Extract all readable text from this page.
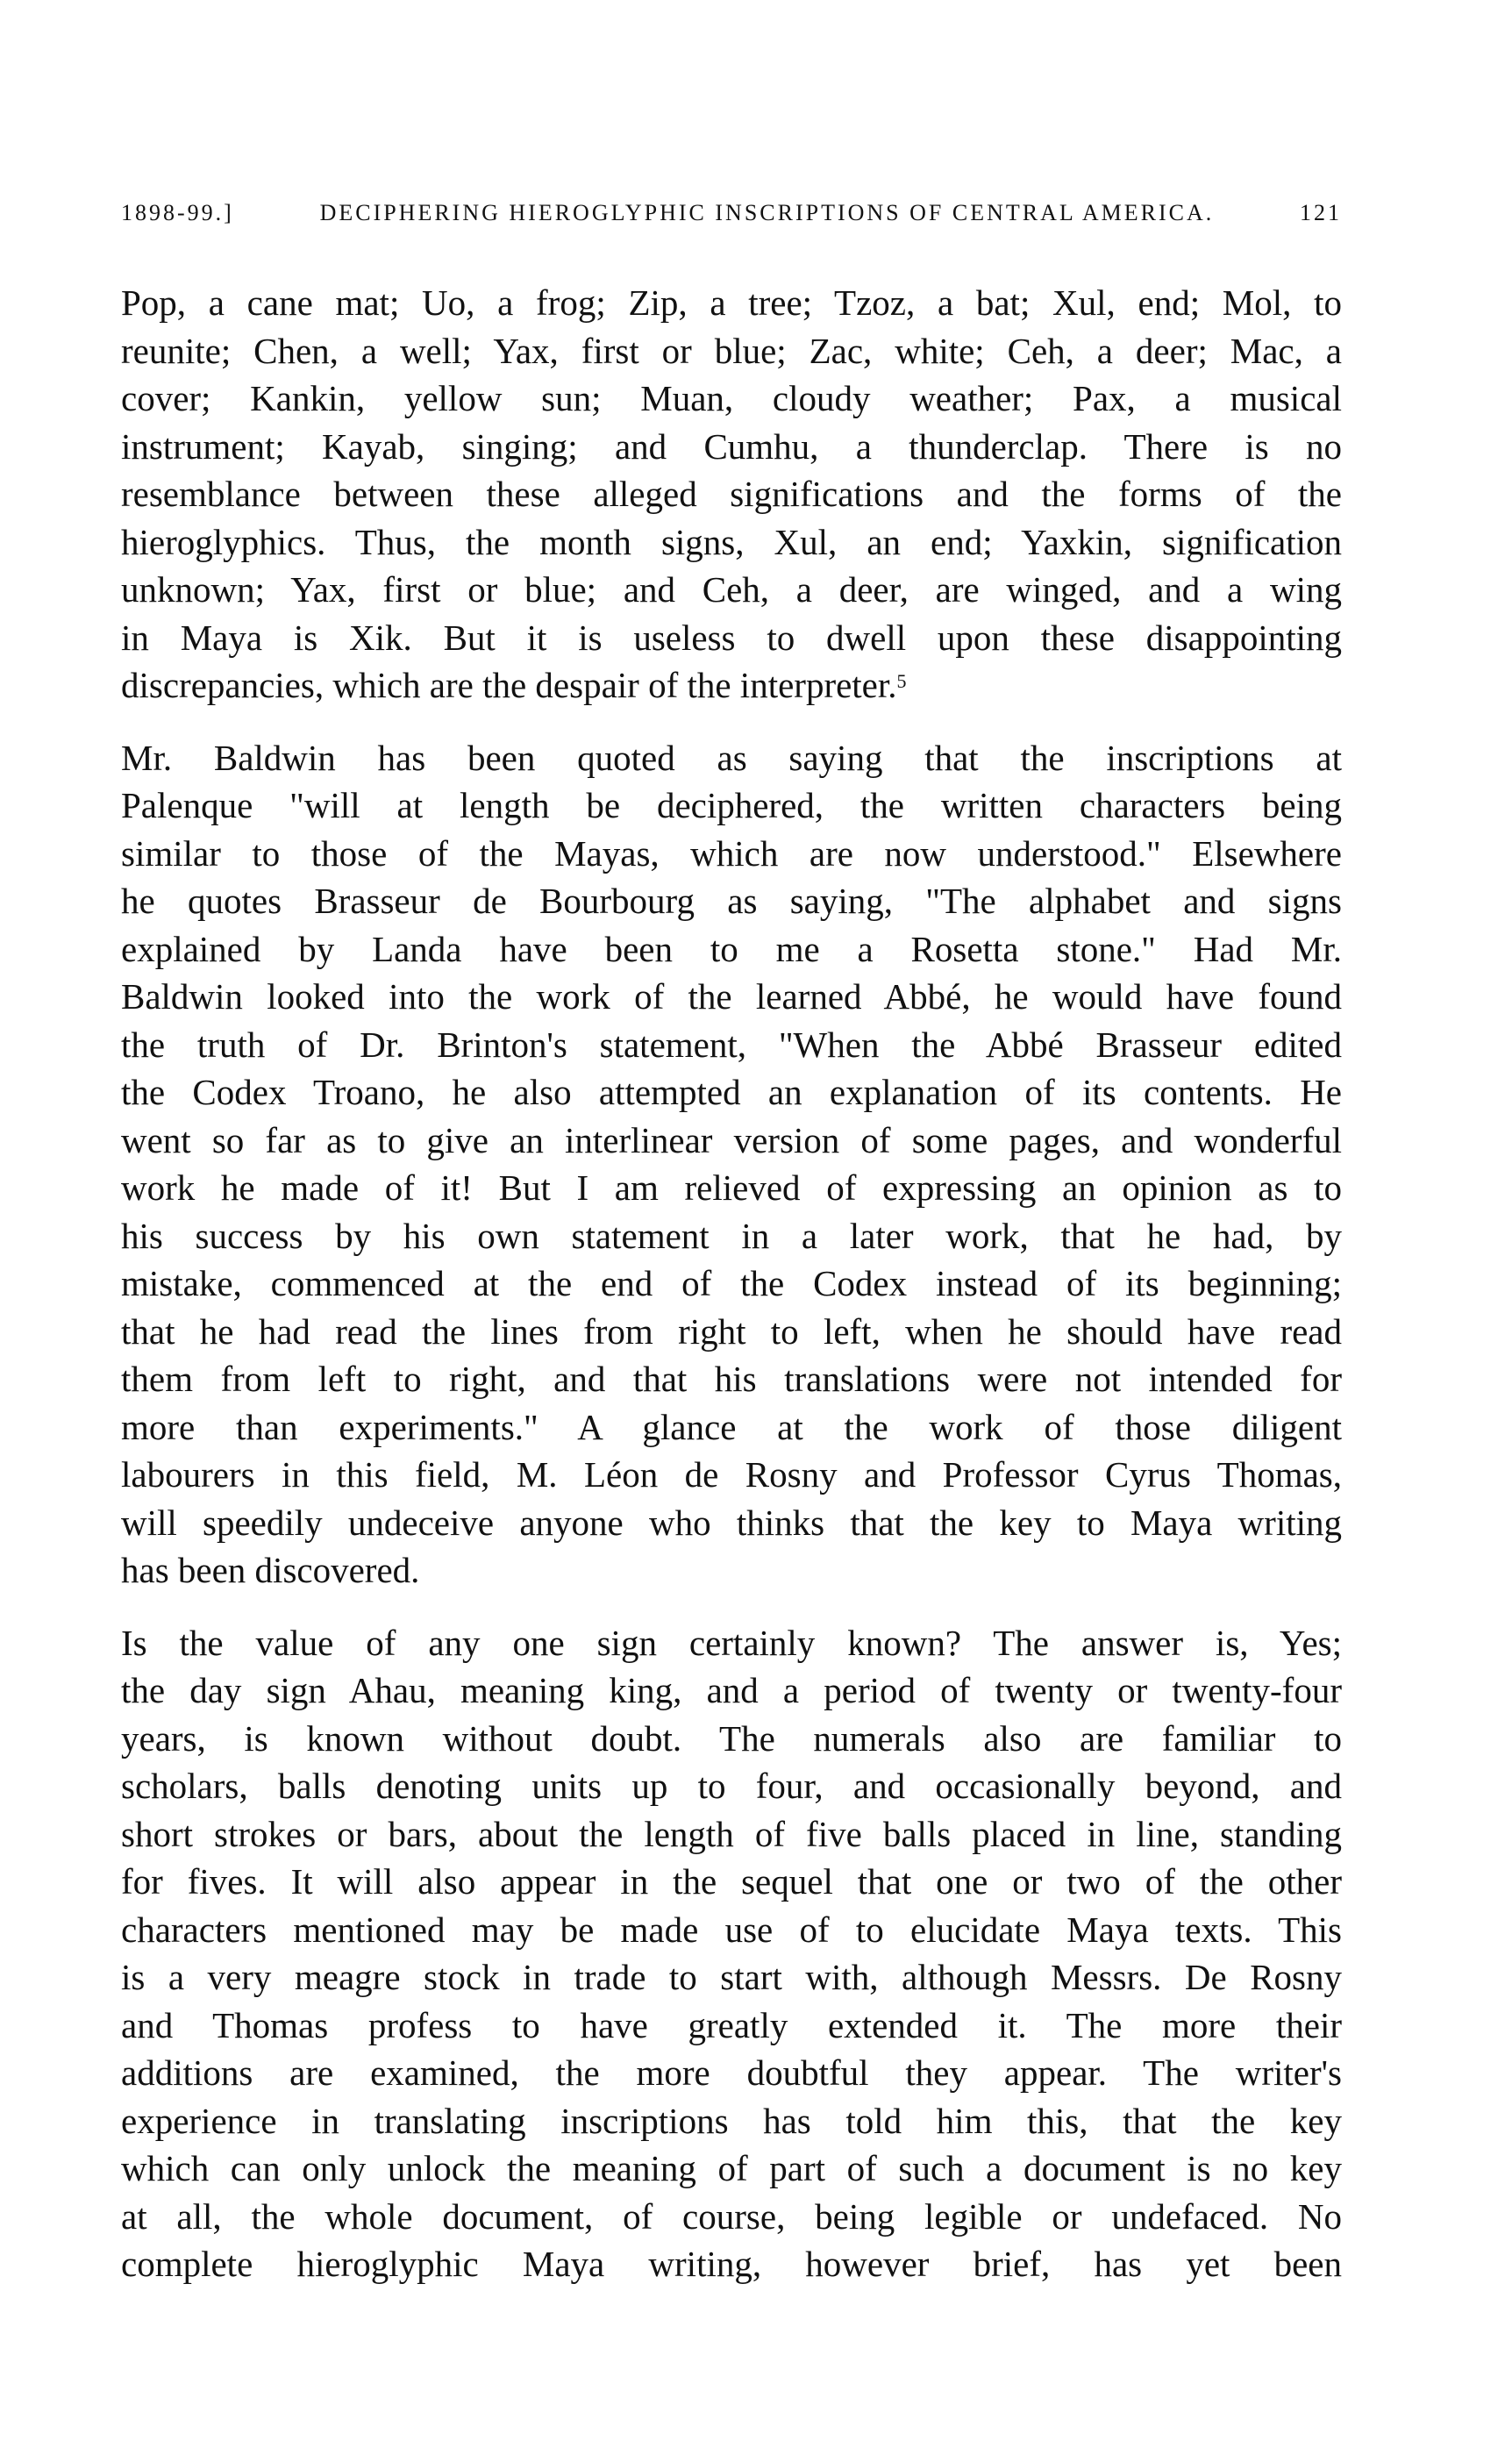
1898-99.]	DECIPHERING HIEROGLYPHIC INSCRIPTIONS OF CENTRAL AMERICA.	121
Pop, a cane mat; Uo, a frog; Zip, a tree; Tzoz, a bat; Xul, end; Mol, to
reunite; Chen, a well; Yax, first or blue; Zac, white; Ceh, a deer; Mac, a
cover; Kankin, yellow sun; Muan, cloudy weather; Pax, a musical
instrument; Kayab, singing; and Cumhu, a thunderclap. There is no
resemblance between these alleged significations and the forms of the
hieroglyphics. Thus, the month signs, Xul, an end; Yaxkin, signification
unknown; Yax, first or blue; and Ceh, a deer, are winged, and a wing
in Maya is Xik. But it is useless to dwell upon these disappointing
discrepancies, which are the despair of the interpreter.$^5$
Mr. Baldwin has been quoted as saying that the inscriptions at
Palenque "will at length be deciphered, the written characters being
similar to those of the Mayas, which are now understood." Elsewhere
he quotes Brasseur de Bourbourg as saying, "The alphabet and signs
explained by Landa have been to me a Rosetta stone." Had Mr.
Baldwin looked into the work of the learned Abbé, he would have found
the truth of Dr. Brinton's statement, "When the Abbé Brasseur edited
the Codex Troano, he also attempted an explanation of its contents. He
went so far as to give an interlinear version of some pages, and wonderful
work he made of it! But I am relieved of expressing an opinion as to
his success by his own statement in a later work, that he had, by
mistake, commenced at the end of the Codex instead of its beginning;
that he had read the lines from right to left, when he should have read
them from left to right, and that his translations were not intended for
more than experiments." A glance at the work of those diligent
labourers in this field, M. Léon de Rosny and Professor Cyrus Thomas,
will speedily undeceive anyone who thinks that the key to Maya writing
has been discovered.
Is the value of any one sign certainly known? The answer is, Yes;
the day sign Ahau, meaning king, and a period of twenty or twenty-four
years, is known without doubt. The numerals also are familiar to
scholars, balls denoting units up to four, and occasionally beyond, and
short strokes or bars, about the length of five balls placed in line, standing
for fives. It will also appear in the sequel that one or two of the other
characters mentioned may be made use of to elucidate Maya texts. This
is a very meagre stock in trade to start with, although Messrs. De Rosny
and Thomas profess to have greatly extended it. The more their
additions are examined, the more doubtful they appear. The writer's
experience in translating inscriptions has told him this, that the key
which can only unlock the meaning of part of such a document is no key
at all, the whole document, of course, being legible or undefaced. No
complete hieroglyphic Maya writing, however brief, has yet been
